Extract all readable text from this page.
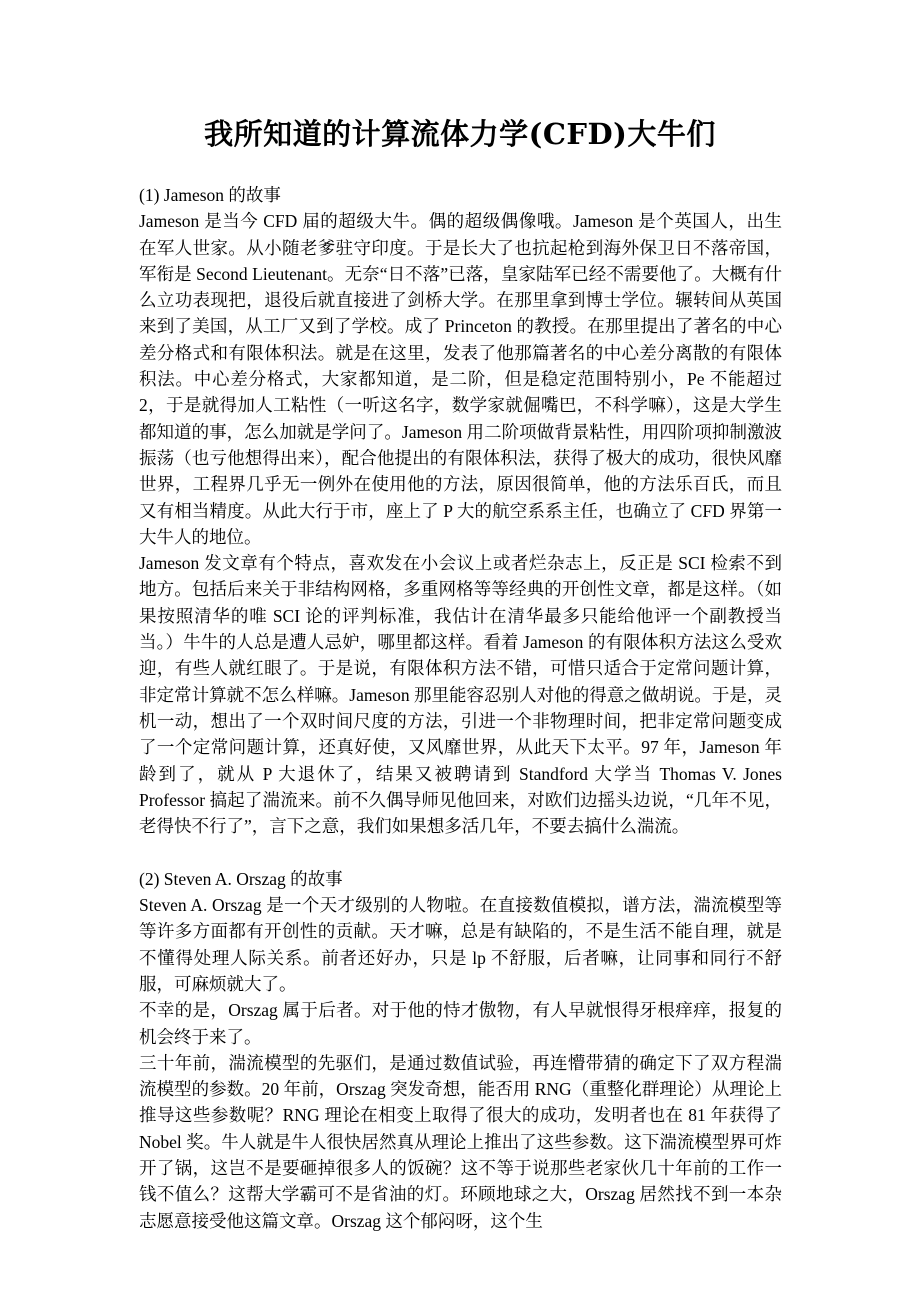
我所知道的计算流体力学(CFD)大牛们

(1) Jameson 的故事

Jameson 是当今 CFD 届的超级大牛。偶的超级偶像哦。Jameson 是个英国人，出生在军人世家。从小随老爹驻守印度。于是长大了也抗起枪到海外保卫日不落帝国，军衔是 Second Lieutenant。无奈“日不落”已落，皇家陆军已经不需要他了。大概有什么立功表现把，退役后就直接进了剑桥大学。在那里拿到博士学位。辗转间从英国来到了美国，从工厂又到了学校。成了 Princeton 的教授。在那里提出了著名的中心差分格式和有限体积法。就是在这里，发表了他那篇著名的中心差分离散的有限体积法。中心差分格式，大家都知道，是二阶，但是稳定范围特别小，Pe 不能超过 2，于是就得加人工粘性（一听这名字，数学家就倔嘴巴，不科学嘛），这是大学生都知道的事，怎么加就是学问了。Jameson 用二阶项做背景粘性，用四阶项抑制激波振荡（也亏他想得出来），配合他提出的有限体积法，获得了极大的成功，很快风靡世界，工程界几乎无一例外在使用他的方法，原因很简单，他的方法乐百氏，而且又有相当精度。从此大行于市，座上了 P 大的航空系系主任，也确立了 CFD 界第一大牛人的地位。

Jameson 发文章有个特点，喜欢发在小会议上或者烂杂志上，反正是 SCI 检索不到地方。包括后来关于非结构网格，多重网格等等经典的开创性文章，都是这样。（如果按照清华的唯 SCI 论的评判标准，我估计在清华最多只能给他评一个副教授当当。）牛牛的人总是遭人忌妒，哪里都这样。看着 Jameson 的有限体积方法这么受欢迎，有些人就红眼了。于是说，有限体积方法不错，可惜只适合于定常问题计算，非定常计算就不怎么样嘛。Jameson 那里能容忍别人对他的得意之做胡说。于是，灵机一动，想出了一个双时间尺度的方法，引进一个非物理时间，把非定常问题变成了一个定常问题计算，还真好使，又风靡世界，从此天下太平。97 年，Jameson 年龄到了，就从 P 大退休了，结果又被聘请到 Standford 大学当 Thomas V. Jones Professor 搞起了湍流来。前不久偶导师见他回来，对欧们边摇头边说，“几年不见，老得快不行了”，言下之意，我们如果想多活几年，不要去搞什么湍流。

(2) Steven A. Orszag 的故事

Steven A. Orszag 是一个天才级别的人物啦。在直接数值模拟，谱方法，湍流模型等等许多方面都有开创性的贡献。天才嘛，总是有缺陷的，不是生活不能自理，就是不懂得处理人际关系。前者还好办，只是 lp 不舒服，后者嘛，让同事和同行不舒服，可麻烦就大了。

不幸的是，Orszag 属于后者。对于他的恃才傲物，有人早就恨得牙根痒痒，报复的机会终于来了。

三十年前，湍流模型的先驱们，是通过数值试验，再连懵带猜的确定下了双方程湍流模型的参数。20 年前，Orszag 突发奇想，能否用 RNG（重整化群理论）从理论上推导这些参数呢？RNG 理论在相变上取得了很大的成功，发明者也在 81 年获得了 Nobel 奖。牛人就是牛人很快居然真从理论上推出了这些参数。这下湍流模型界可炸开了锅，这岂不是要砸掉很多人的饭碗？这不等于说那些老家伙几十年前的工作一钱不值么？这帮大学霸可不是省油的灯。环顾地球之大，Orszag 居然找不到一本杂志愿意接受他这篇文章。Orszag 这个郁闷呀，这个生
